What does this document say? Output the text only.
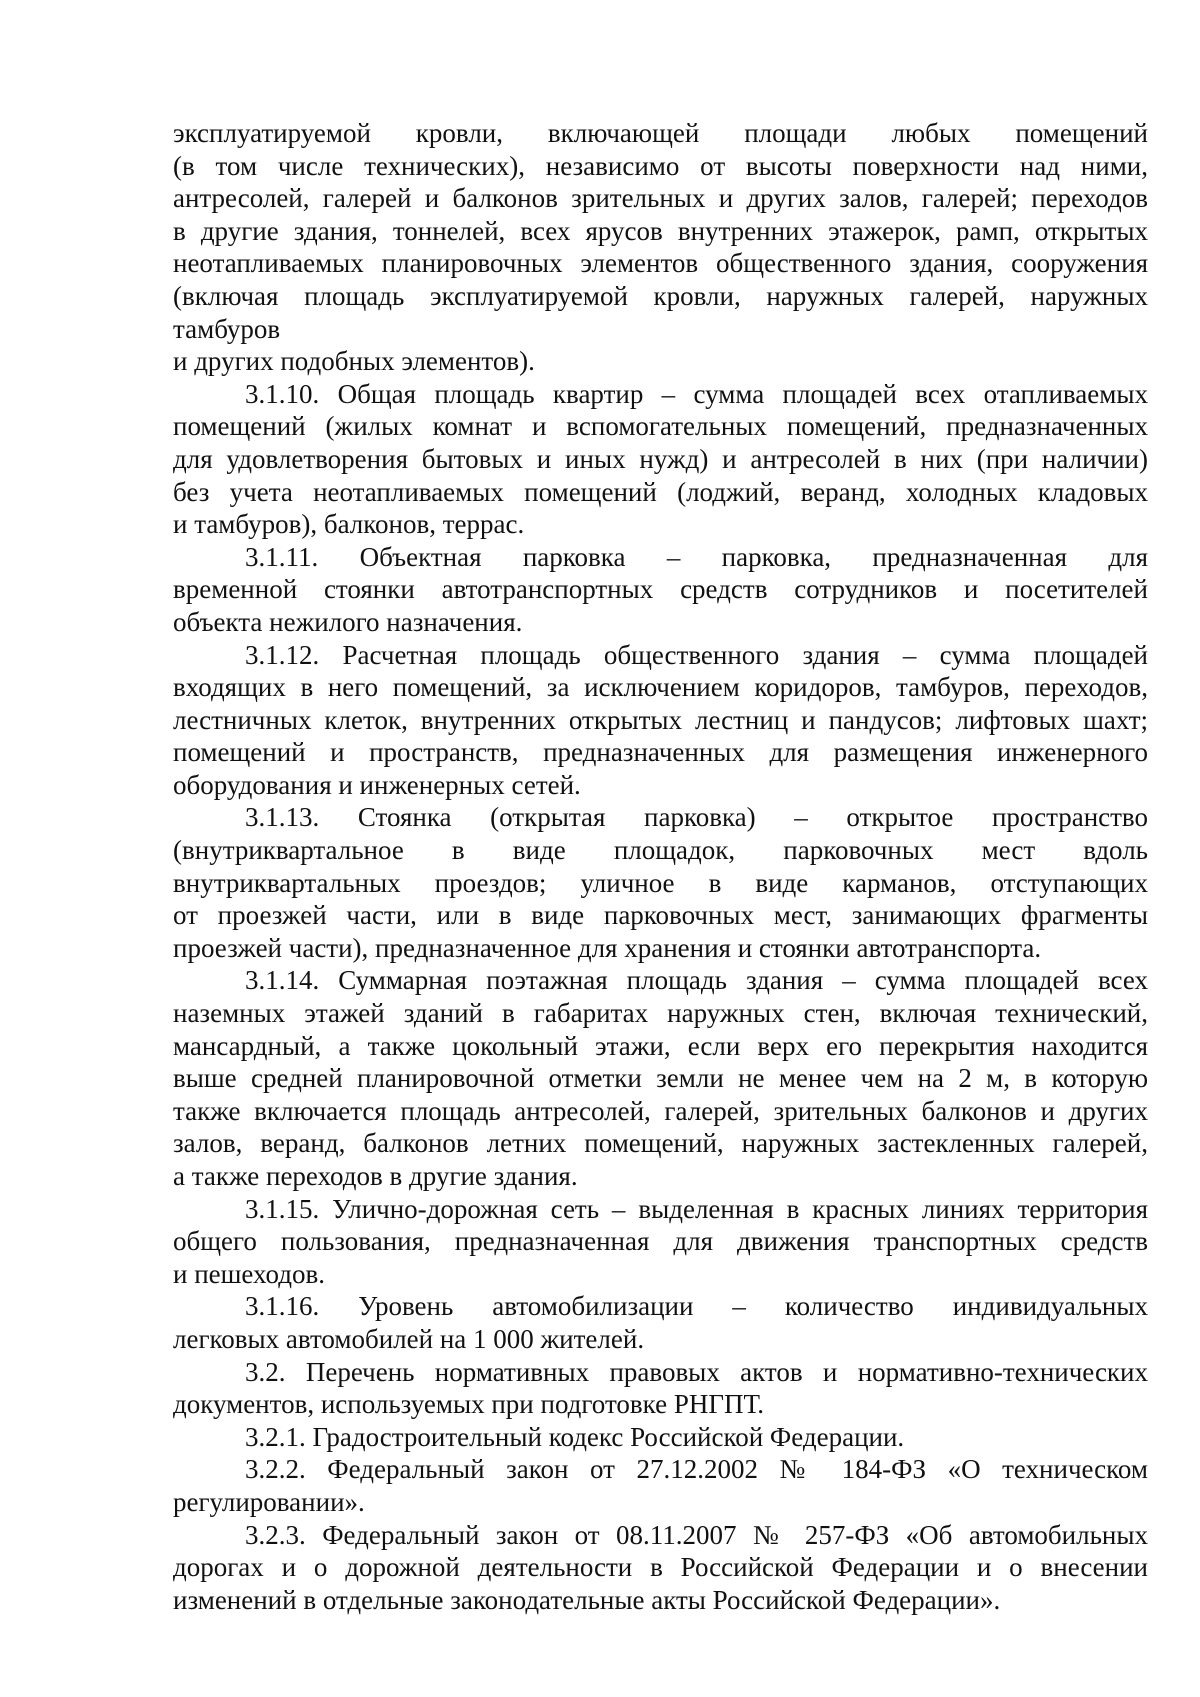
эксплуатируемой кровли, включающей площади любых помещений
(в том числе технических), независимо от высоты поверхности над ними,
антресолей, галерей и балконов зрительных и других залов, галерей; переходов
в другие здания, тоннелей, всех ярусов внутренних этажерок, рамп, открытых
неотапливаемых планировочных элементов общественного здания, сооружения
(включая площадь эксплуатируемой кровли, наружных галерей, наружных
тамбуров
и других подобных элементов).
3.1.10. Общая площадь квартир – сумма площадей всех отапливаемых
помещений (жилых комнат и вспомогательных помещений, предназначенных
для удовлетворения бытовых и иных нужд) и антресолей в них (при наличии)
без учета неотапливаемых помещений (лоджий, веранд, холодных кладовых
и тамбуров), балконов, террас.
3.1.11. Объектная парковка – парковка, предназначенная для
временной стоянки автотранспортных средств сотрудников и посетителей
объекта нежилого назначения.
3.1.12. Расчетная площадь общественного здания – сумма площадей
входящих в него помещений, за исключением коридоров, тамбуров, переходов,
лестничных клеток, внутренних открытых лестниц и пандусов; лифтовых шахт;
помещений и пространств, предназначенных для размещения инженерного
оборудования и инженерных сетей.
3.1.13. Стоянка (открытая парковка) – открытое пространство
(внутриквартальное в виде площадок, парковочных мест вдоль
внутриквартальных проездов; уличное в виде карманов, отступающих
от проезжей части, или в виде парковочных мест, занимающих фрагменты
проезжей части), предназначенное для хранения и стоянки автотранспорта.
3.1.14. Суммарная поэтажная площадь здания – сумма площадей всех
наземных этажей зданий в габаритах наружных стен, включая технический,
мансардный, а также цокольный этажи, если верх его перекрытия находится
выше средней планировочной отметки земли не менее чем на 2 м, в которую
также включается площадь антресолей, галерей, зрительных балконов и других
залов, веранд, балконов летних помещений, наружных застекленных галерей,
а также переходов в другие здания.
3.1.15. Улично-дорожная сеть – выделенная в красных линиях территория
общего пользования, предназначенная для движения транспортных средств
и пешеходов.
3.1.16. Уровень автомобилизации – количество индивидуальных
легковых автомобилей на 1 000 жителей.
3.2. Перечень нормативных правовых актов и нормативно-технических
документов, используемых при подготовке РНГПТ.
3.2.1. Градостроительный кодекс Российской Федерации.
3.2.2. Федеральный закон от 27.12.2002 № 184-ФЗ «О техническом
регулировании».
3.2.3. Федеральный закон от 08.11.2007 № 257-ФЗ «Об автомобильных
дорогах и о дорожной деятельности в Российской Федерации и о внесении
изменений в отдельные законодательные акты Российской Федерации».
